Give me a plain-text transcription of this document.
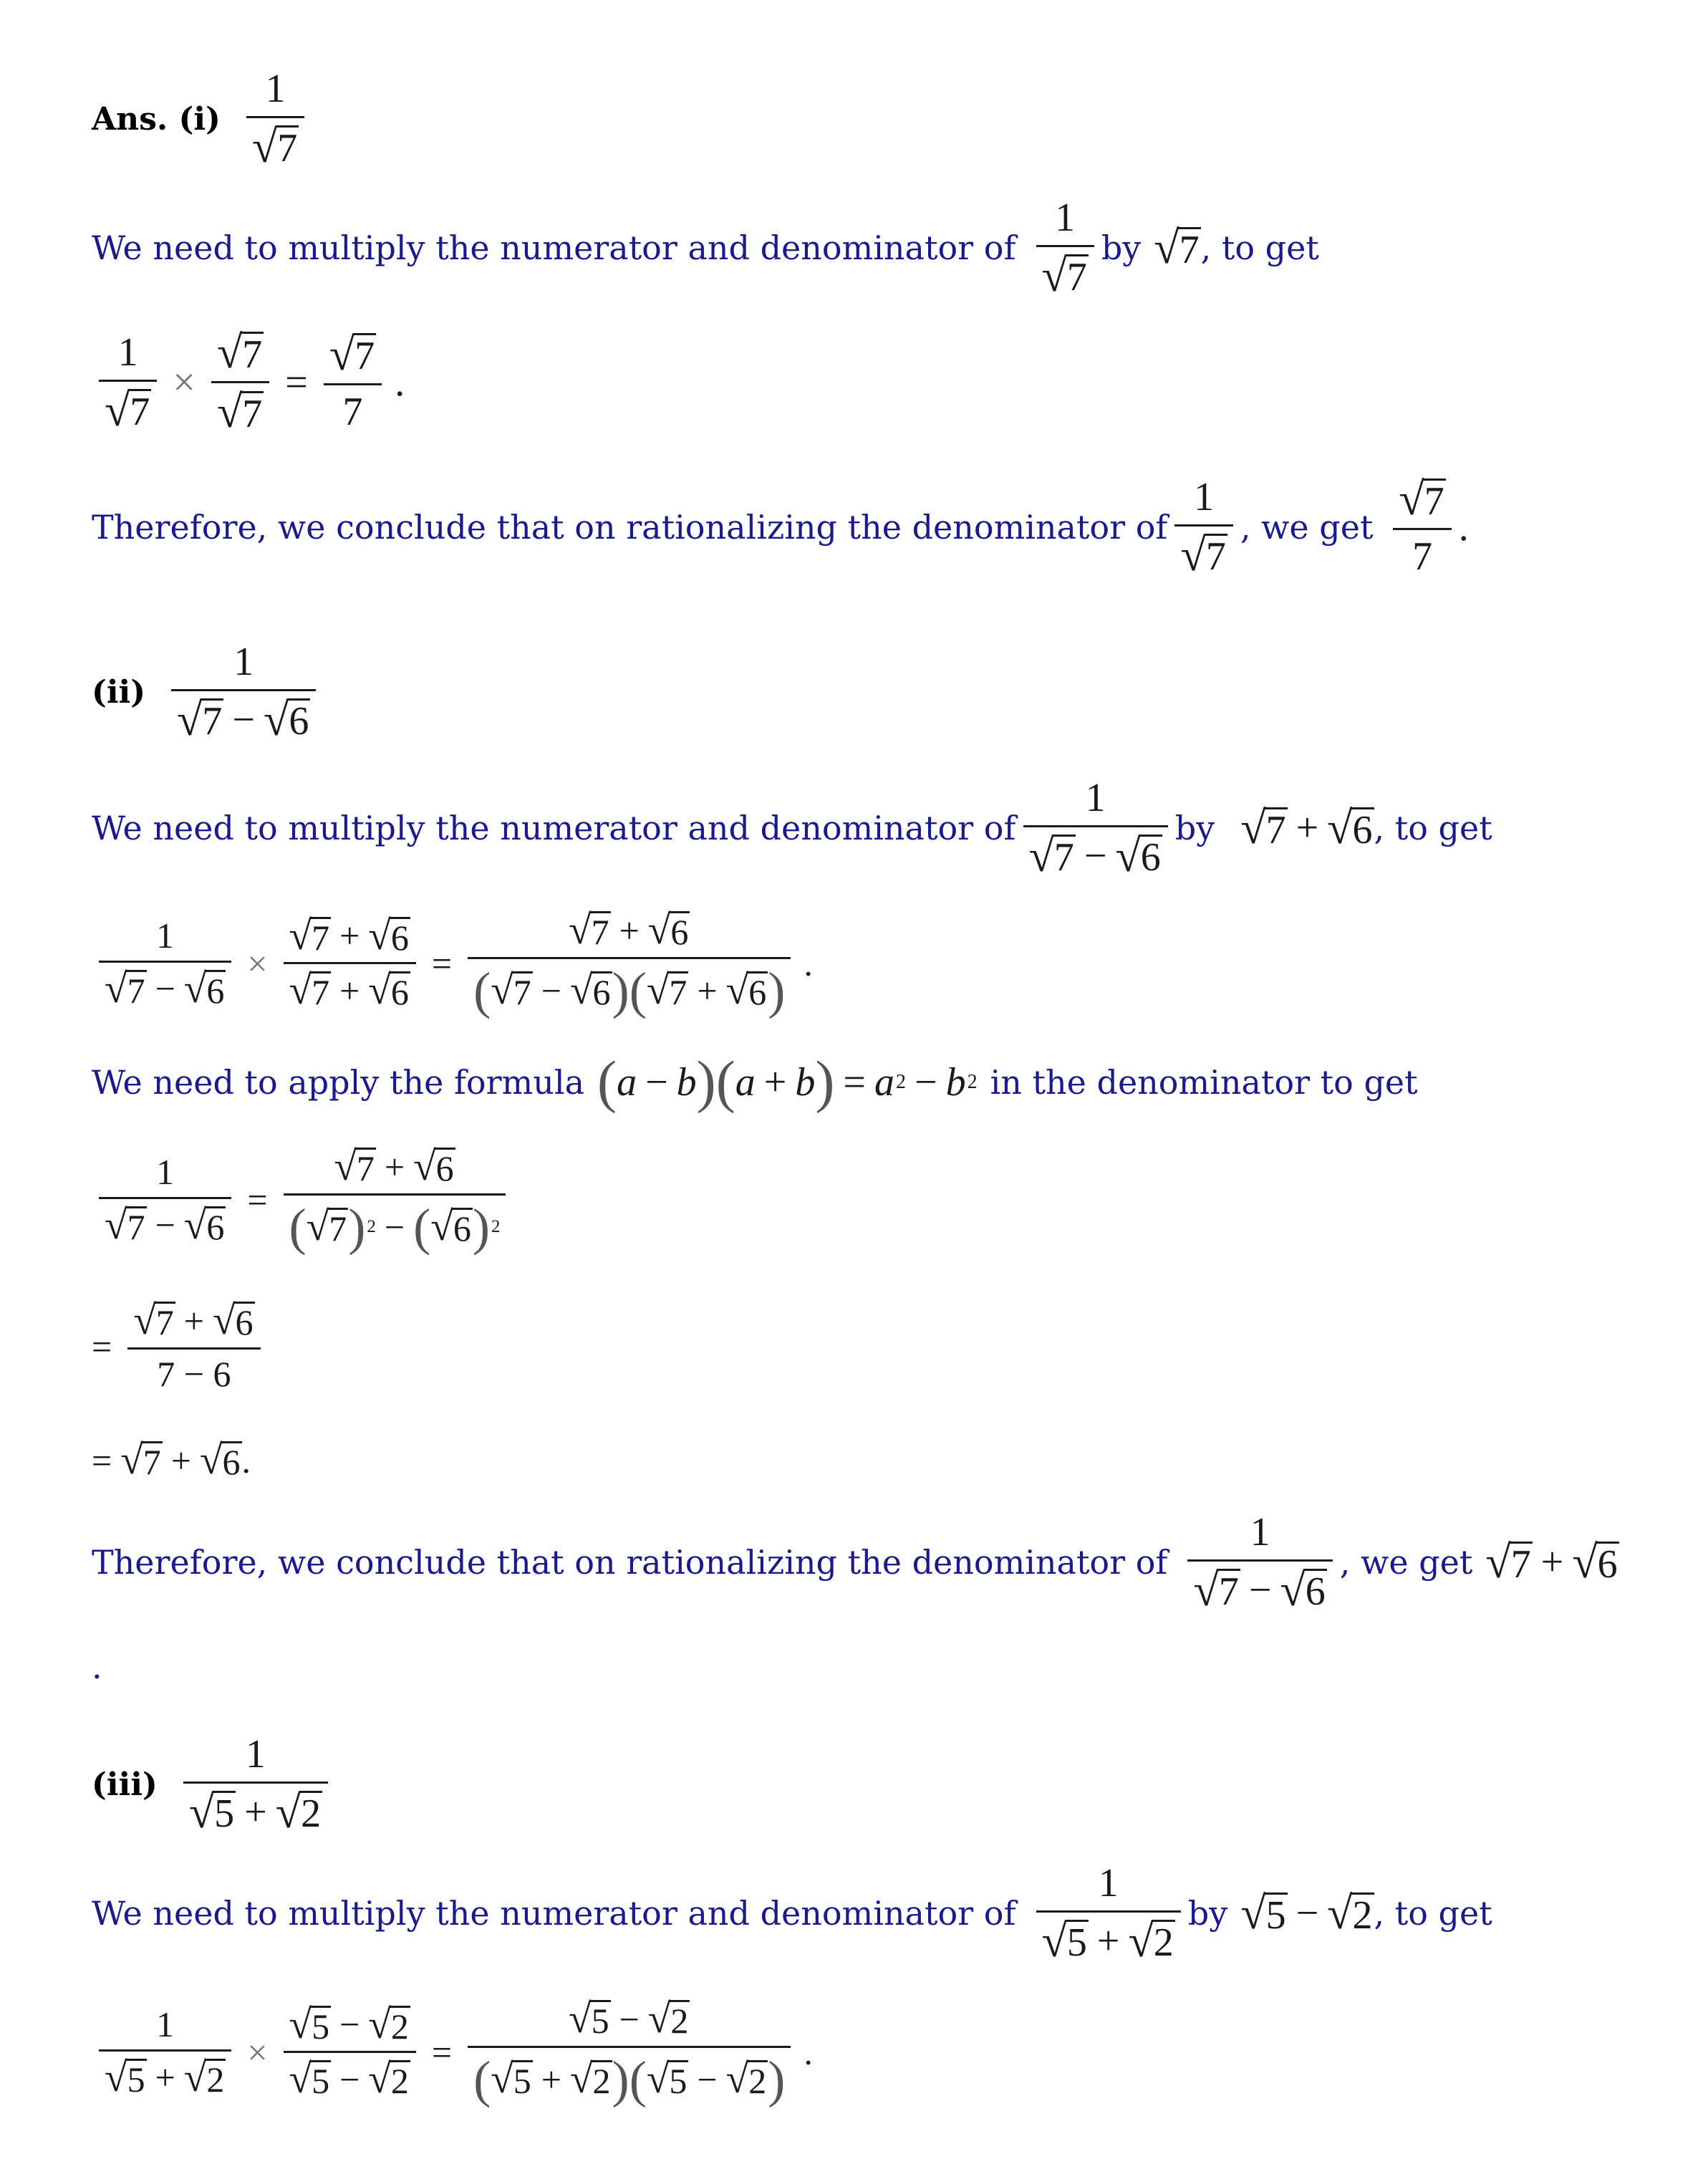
Ans. $(i) \frac{1}{√ 7}$
We need to multiply the numerator and denominator of $\frac{1}{√ 7}$ by √ 7 , to get
$\frac{1}{√ 7} \times \frac{√ 7}{√ 7} = \frac{√ 7}{7}$ .
Therefore, we conclude that on rationalizing the denominator of $\frac{1}{√ 7}$ , we get $\frac{√ 7}{7}$ .
$(ii) \frac{1}{√ 7 - √ 6}$
We need to multiply the numerator and denominator of $\frac{1}{√ 7 - √ 6}$ by √ 7 + √ 6 , to get
$\frac{1}{√ 7 - √ 6} \times \frac{√ 7 + √ 6}{√ 7 + √ 6} = \frac{√ 7 + √ 6}{( √ 7 - √ 6 ) ( √ 7 + √ 6 )}$ .
We need to apply the formula ( a − b ) ( a + b ) = a 2 − b 2 in the denominator to get
$\frac{1}{√ 7 - √ 6} = \frac{√ 7 + √ 6}{( √ 7 ) 2 - ( √ 6 ) 2}$
= $\frac{√ 7 + √ 6}{7 - 6}$
= √ 7 + √ 6 .
Therefore, we conclude that on rationalizing the denominator of $\frac{1}{√ 7 - √ 6}$ , we get √ 7 + √ 6
.
$(iii) \frac{1}{√ 5 + √ 2}$
We need to multiply the numerator and denominator of $\frac{1}{√ 5 + √ 2}$ by √ 5 − √ 2 , to get
$\frac{1}{√ 5 + √ 2} \times \frac{√ 5 - √ 2}{√ 5 - √ 2} = \frac{√ 5 - √ 2}{( √ 5 + √ 2 ) ( √ 5 - √ 2 )}$ .
